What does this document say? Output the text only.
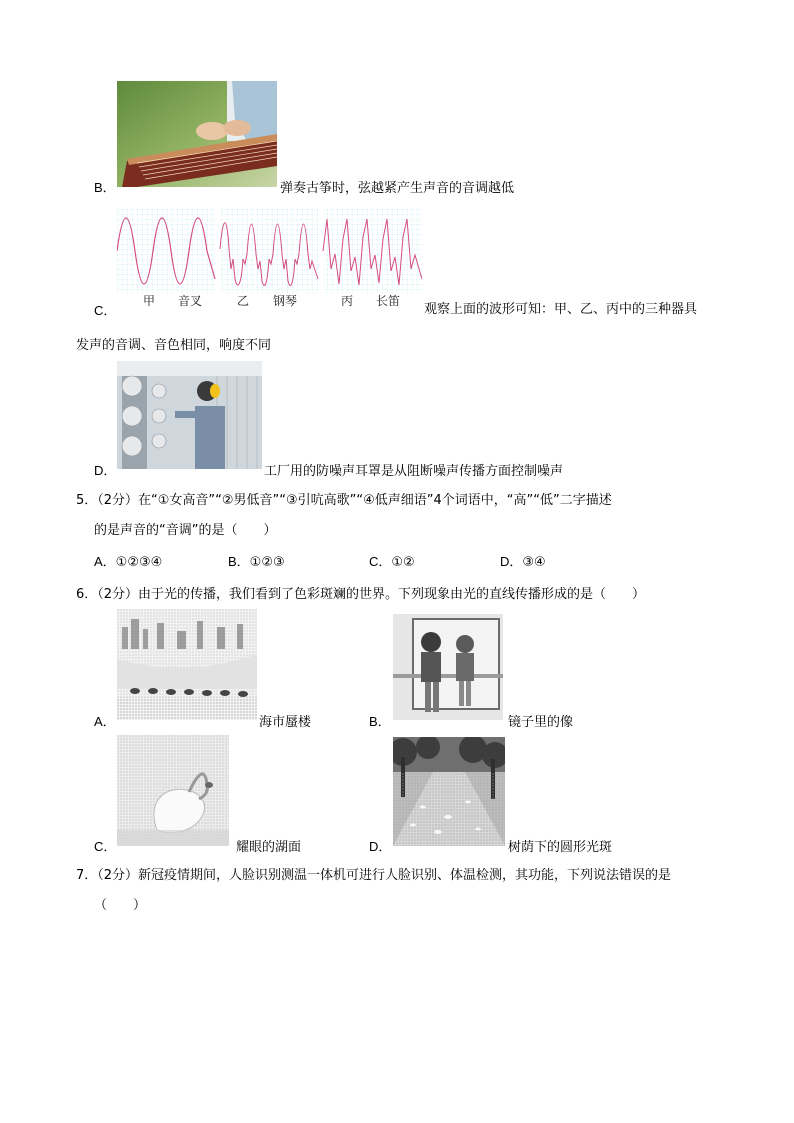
B．	弹奏古筝时，弦越紧产生声音的音调越低
甲 音叉	乙 钢琴	丙 长笛
C．	观察上面的波形可知：甲、乙、丙中的三种器具
发声的音调、音色相同，响度不同
D．	工厂用的防噪声耳罩是从阻断噪声传播方面控制噪声
5．（2分）在“①女高音”“②男低音”“③引吭高歌”“④低声细语”4个词语中，“高”“低”二字描述
的是声音的“音调”的是（　　）
A．①②③④	B．①②③	C．①②	D．③④
6．（2分）由于光的传播，我们看到了色彩斑斓的世界。下列现象由光的直线传播形成的是（　　）
A．	海市蜃楼	B．	镜子里的像
C．	耀眼的湖面	D．	树荫下的圆形光斑
7．（2分）新冠疫情期间，人脸识别测温一体机可进行人脸识别、体温检测，其功能，下列说法错误的是
（　　）
